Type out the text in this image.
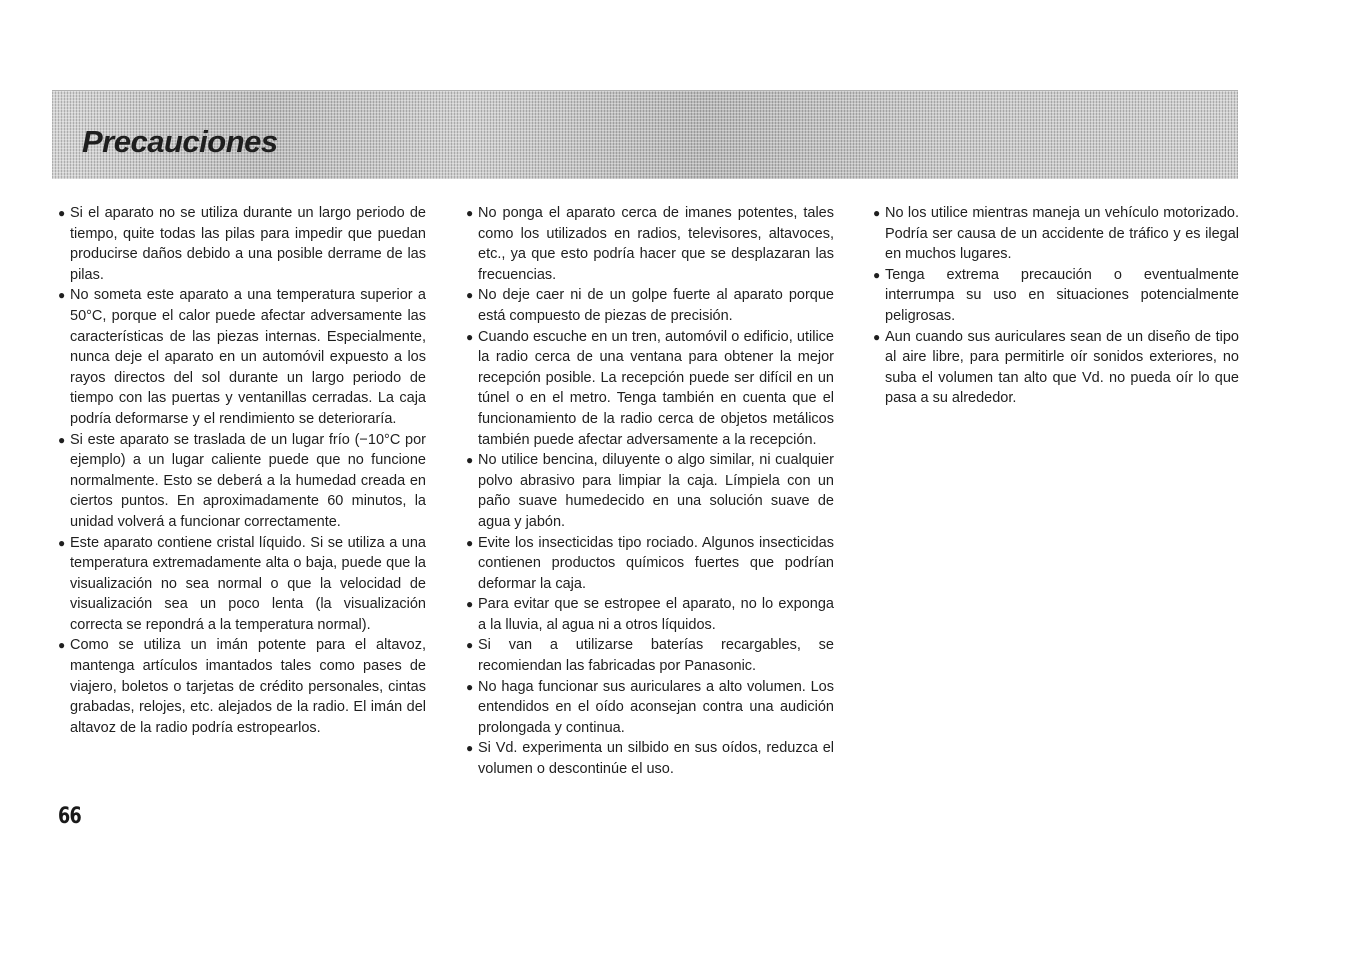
Precauciones
● Si el aparato no se utiliza durante un largo periodo de tiempo, quite todas las pilas para impedir que puedan producirse daños debido a una posible derrame de las pilas.
● No someta este aparato a una temperatura superior a 50°C, porque el calor puede afectar adversamente las características de las piezas internas. Especialmente, nunca deje el aparato en un automóvil expuesto a los rayos directos del sol durante un largo periodo de tiempo con las puertas y ventanillas cerradas. La caja podría deformarse y el rendimiento se deterioraría.
● Si este aparato se traslada de un lugar frío (−10°C por ejemplo) a un lugar caliente puede que no funcione normalmente. Esto se deberá a la humedad creada en ciertos puntos. En aproximadamente 60 minutos, la unidad volverá a funcionar correctamente.
● Este aparato contiene cristal líquido. Si se utiliza a una temperatura extremadamente alta o baja, puede que la visualización no sea normal o que la velocidad de visualización sea un poco lenta (la visualización correcta se repondrá a la temperatura normal).
● Como se utiliza un imán potente para el altavoz, mantenga artículos imantados tales como pases de viajero, boletos o tarjetas de crédito personales, cintas grabadas, relojes, etc. alejados de la radio. El imán del altavoz de la radio podría estropearlos.
● No ponga el aparato cerca de imanes potentes, tales como los utilizados en radios, televisores, altavoces, etc., ya que esto podría hacer que se desplazaran las frecuencias.
● No deje caer ni de un golpe fuerte al aparato porque está compuesto de piezas de precisión.
● Cuando escuche en un tren, automóvil o edificio, utilice la radio cerca de una ventana para obtener la mejor recepción posible. La recepción puede ser difícil en un túnel o en el metro. Tenga también en cuenta que el funcionamiento de la radio cerca de objetos metálicos también puede afectar adversamente a la recepción.
● No utilice bencina, diluyente o algo similar, ni cualquier polvo abrasivo para limpiar la caja. Límpiela con un paño suave humedecido en una solución suave de agua y jabón.
● Evite los insecticidas tipo rociado. Algunos insecticidas contienen productos químicos fuertes que podrían deformar la caja.
● Para evitar que se estropee el aparato, no lo exponga a la lluvia, al agua ni a otros líquidos.
● Si van a utilizarse baterías recargables, se recomiendan las fabricadas por Panasonic.
● No haga funcionar sus auriculares a alto volumen. Los entendidos en el oído aconsejan contra una audición prolongada y continua.
● Si Vd. experimenta un silbido en sus oídos, reduzca el volumen o descontinúe el uso.
● No los utilice mientras maneja un vehículo motorizado. Podría ser causa de un accidente de tráfico y es ilegal en muchos lugares.
● Tenga extrema precaución o eventualmente interrumpa su uso en situaciones potencialmente peligrosas.
● Aun cuando sus auriculares sean de un diseño de tipo al aire libre, para permitirle oír sonidos exteriores, no suba el volumen tan alto que Vd. no pueda oír lo que pasa a su alrededor.
66
